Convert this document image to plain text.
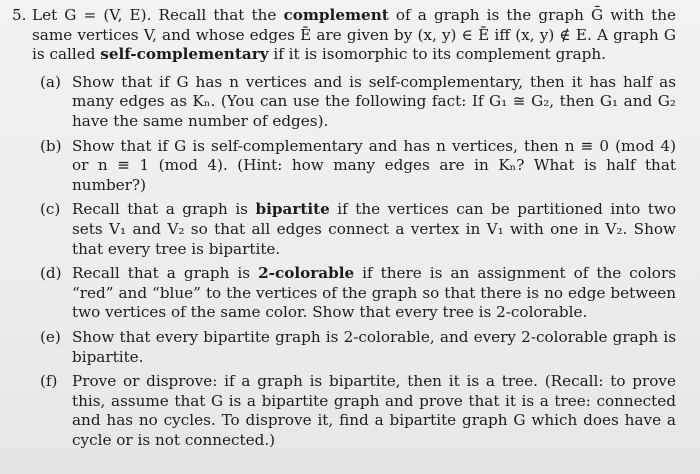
5. Let G = (V, E). Recall that the complement of a graph is the graph Ḡ with the same vertices V, and whose edges Ē are given by (x, y) ∈ Ē iff (x, y) ∉ E. A graph G is called self-complementary if it is isomorphic to its complement graph.
(a) Show that if G has n vertices and is self-complementary, then it has half as many edges as Kₙ. (You can use the following fact: If G₁ ≅ G₂, then G₁ and G₂ have the same number of edges).
(b) Show that if G is self-complementary and has n vertices, then n ≡ 0 (mod 4) or n ≡ 1 (mod 4). (Hint: how many edges are in Kₙ? What is half that number?)
(c) Recall that a graph is bipartite if the vertices can be partitioned into two sets V₁ and V₂ so that all edges connect a vertex in V₁ with one in V₂. Show that every tree is bipartite.
(d) Recall that a graph is 2-colorable if there is an assignment of the colors “red” and “blue” to the vertices of the graph so that there is no edge between two vertices of the same color. Show that every tree is 2-colorable.
(e) Show that every bipartite graph is 2-colorable, and every 2-colorable graph is bipartite.
(f) Prove or disprove: if a graph is bipartite, then it is a tree. (Recall: to prove this, assume that G is a bipartite graph and prove that it is a tree: connected and has no cycles. To disprove it, find a bipartite graph G which does have a cycle or is not connected.)
